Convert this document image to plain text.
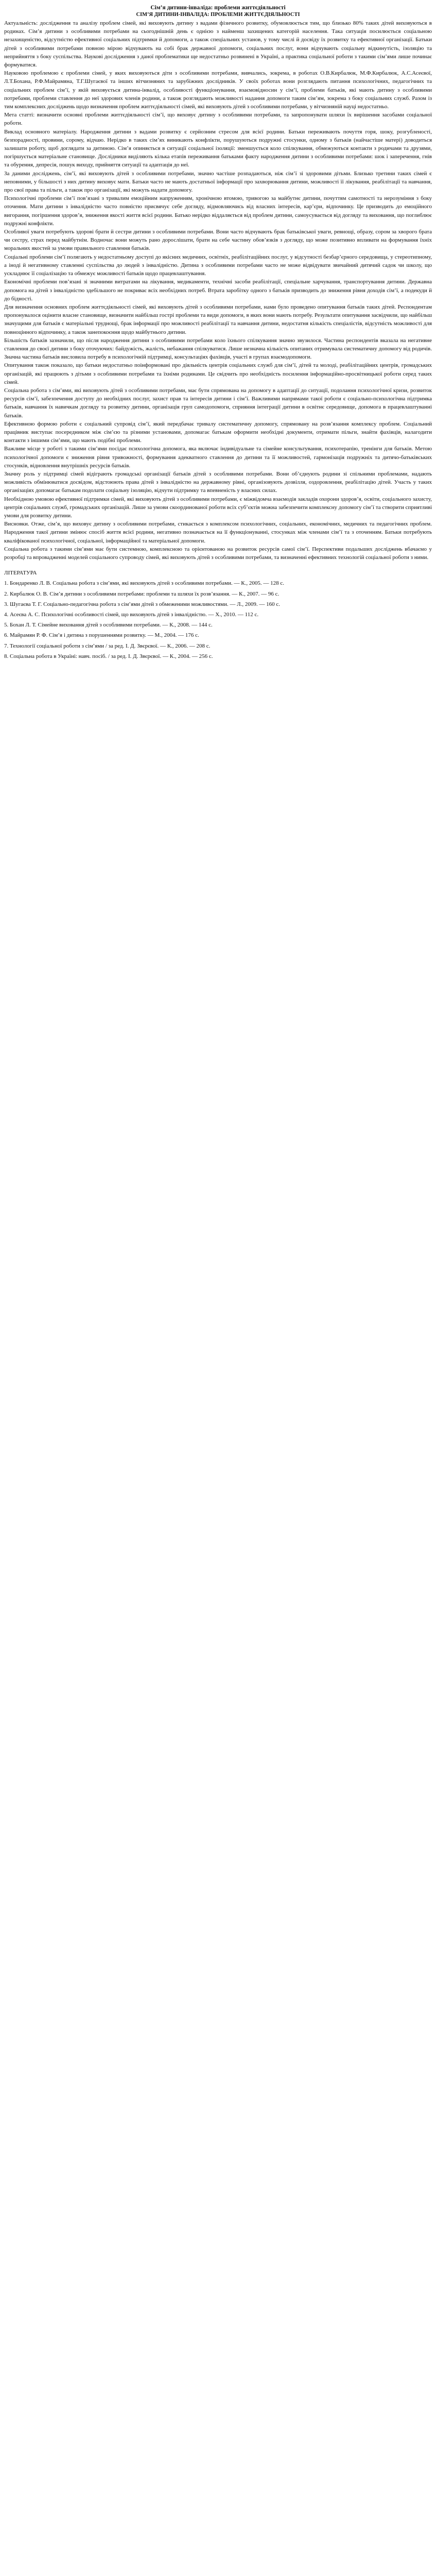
Сім’я дитини-інваліда: проблеми життєдіяльності
СІМ’Я ДИТИНИ-ІНВАЛІДА: ПРОБЛЕМИ ЖИТТЄДІЯЛЬНОСТІ

Актуальність: дослідження та аналізу проблем сімей, які виховують дитину з вадами фізичного розвитку, обумовлюється тим, що близько 80% таких дітей виховуються в родинах. Сім’я дитини з особливими потребами на сьогоднішній день є однією з найменш захищених категорій населення. Така ситуація посилюється соціальною незахищеністю, відсутністю ефективної соціальних підтримки й допомоги, а також спеціальних установ, у тому числі й досвіду їх розвитку та ефективної організації. Батьки дітей з особливими потребами повною мірою відчувають на собі брак державної допомоги, соціальних послуг, вони відчувають соціальну відкинутість, ізоляцію та неприйняття з боку суспільства. Наукові дослідження з даної проблематики ще недостатньо розвинені в Україні, а практика соціальної роботи з такими сім’ями лише починає формуватися.

Науковою проблемою є проблеми сімей, у яких виховуються діти з особливими потребами, вивчались, зокрема, в роботах О.В.Кирбалюк, М.Ф.Кирбалюк, А.С.Асеєвої, Л.Т.Бохана, Р.Ф.Майрамяна, Т.Г.Шугаєвої та інших вітчизняних та зарубіжних дослідників. У своїх роботах вони розглядають питання психологічних, педагогічних та соціальних проблем сім’ї, у якій виховується дитина-інвалід, особливості функціонування, взаємовідносин у сім’ї, проблеми батьків, які мають дитину з особливими потребами, проблеми ставлення до неї здорових членів родини, а також розглядають можливості надання допомоги таким сім’ям, зокрема з боку соціальних служб. Разом із тим комплексних досліджень щодо визначення проблем життєдіяльності сімей, які виховують дітей з особливими потребами, у вітчизняній науці недостатньо.

Мета статті: визначити основні проблеми життєдіяльності сім’ї, що виховує дитину з особливими потребами, та запропонувати шляхи їх вирішення засобами соціальної роботи.

Виклад основного матеріалу. Народження дитини з вадами розвитку є серйозним стресом для всієї родини. Батьки переживають почуття горя, шоку, розгубленості, безпорадності, провини, сорому, відчаю. Нерідко в таких сім’ях виникають конфлікти, порушуються подружні стосунки, одному з батьків (найчастіше матері) доводиться залишати роботу, щоб доглядати за дитиною. Сім’я опиняється в ситуації соціальної ізоляції: зменшується коло спілкування, обмежуються контакти з родичами та друзями, погіршується матеріальне становище. Дослідники виділяють кілька етапів переживання батьками факту народження дитини з особливими потребами: шок і заперечення, гнів та обурення, депресія, пошук виходу, прийняття ситуації та адаптація до неї.

За даними досліджень, сім’ї, які виховують дітей з особливими потребами, значно частіше розпадаються, ніж сім’ї зі здоровими дітьми. Близько третини таких сімей є неповними, у більшості з них дитину виховує мати. Батьки часто не мають достатньої інформації про захворювання дитини, можливості її лікування, реабілітації та навчання, про свої права та пільги, а також про організації, які можуть надати допомогу.

Психологічні проблеми сім’ї пов’язані з тривалим емоційним напруженням, хронічною втомою, тривогою за майбутнє дитини, почуттям самотності та нерозуміння з боку оточення. Мати дитини з інвалідністю часто повністю присвячує себе догляду, відмовляючись від власних інтересів, кар’єри, відпочинку. Це призводить до емоційного вигорання, погіршення здоров’я, зниження якості життя всієї родини. Батько нерідко віддаляється від проблем дитини, самоусувається від догляду та виховання, що поглиблює подружні конфлікти.

Особливої уваги потребують здорові брати й сестри дитини з особливими потребами. Вони часто відчувають брак батьківської уваги, ревнощі, образу, сором за хворого брата чи сестру, страх перед майбутнім. Водночас вони можуть рано дорослішати, брати на себе частину обов’язків з догляду, що може позитивно впливати на формування їхніх моральних якостей за умови правильного ставлення батьків.

Соціальні проблеми сім’ї полягають у недостатньому доступі до якісних медичних, освітніх, реабілітаційних послуг, у відсутності безбар’єрного середовища, у стереотипному, а іноді й негативному ставленні суспільства до людей з інвалідністю. Дитина з особливими потребами часто не може відвідувати звичайний дитячий садок чи школу, що ускладнює її соціалізацію та обмежує можливості батьків щодо працевлаштування.

Економічні проблеми пов’язані зі значними витратами на лікування, медикаменти, технічні засоби реабілітації, спеціальне харчування, транспортування дитини. Державна допомога на дітей з інвалідністю здебільшого не покриває всіх необхідних потреб. Втрата заробітку одного з батьків призводить до зниження рівня доходів сім’ї, а подекуди й до бідності.

Для визначення основних проблем життєдіяльності сімей, які виховують дітей з особливими потребами, нами було проведено опитування батьків таких дітей. Респондентам пропонувалося оцінити власне становище, визначити найбільш гострі проблеми та види допомоги, в яких вони мають потребу. Результати опитування засвідчили, що найбільш значущими для батьків є матеріальні труднощі, брак інформації про можливості реабілітації та навчання дитини, недостатня кількість спеціалістів, відсутність можливості для повноцінного відпочинку, а також занепокоєння щодо майбутнього дитини.

Більшість батьків зазначили, що після народження дитини з особливими потребами коло їхнього спілкування значно звузилося. Частина респондентів вказала на негативне ставлення до своєї дитини з боку оточуючих: байдужість, жалість, небажання спілкуватися. Лише незначна кількість опитаних отримувала систематичну допомогу від родичів. Значна частина батьків висловила потребу в психологічній підтримці, консультаціях фахівців, участі в групах взаємодопомоги.

Опитування також показало, що батьки недостатньо поінформовані про діяльність центрів соціальних служб для сім’ї, дітей та молоді, реабілітаційних центрів, громадських організацій, які працюють з дітьми з особливими потребами та їхніми родинами. Це свідчить про необхідність посилення інформаційно-просвітницької роботи серед таких сімей.

Соціальна робота з сім’ями, які виховують дітей з особливими потребами, має бути спрямована на допомогу в адаптації до ситуації, подолання психологічної кризи, розвиток ресурсів сім’ї, забезпечення доступу до необхідних послуг, захист прав та інтересів дитини і сім’ї. Важливими напрямами такої роботи є соціально-психологічна підтримка батьків, навчання їх навичкам догляду та розвитку дитини, організація груп самодопомоги, сприяння інтеграції дитини в освітнє середовище, допомога в працевлаштуванні батьків.

Ефективною формою роботи є соціальний супровід сім’ї, який передбачає тривалу систематичну допомогу, спрямовану на розв’язання комплексу проблем. Соціальний працівник виступає посередником між сім’єю та різними установами, допомагає батькам оформити необхідні документи, отримати пільги, знайти фахівців, налагодити контакти з іншими сім’ями, що мають подібні проблеми.

Важливе місце у роботі з такими сім’ями посідає психологічна допомога, яка включає індивідуальне та сімейне консультування, психотерапію, тренінги для батьків. Метою психологічної допомоги є зниження рівня тривожності, формування адекватного ставлення до дитини та її можливостей, гармонізація подружніх та дитячо-батьківських стосунків, відновлення внутрішніх ресурсів батьків.

Значну роль у підтримці сімей відіграють громадські організації батьків дітей з особливими потребами. Вони об’єднують родини зі спільними проблемами, надають можливість обмінюватися досвідом, відстоюють права дітей з інвалідністю на державному рівні, організовують дозвілля, оздоровлення, реабілітацію дітей. Участь у таких організаціях допомагає батькам подолати соціальну ізоляцію, відчути підтримку та впевненість у власних силах.

Необхідною умовою ефективної підтримки сімей, які виховують дітей з особливими потребами, є міжвідомча взаємодія закладів охорони здоров’я, освіти, соціального захисту, центрів соціальних служб, громадських організацій. Лише за умови скоординованої роботи всіх суб’єктів можна забезпечити комплексну допомогу сім’ї та створити сприятливі умови для розвитку дитини.

Висновки. Отже, сім’я, що виховує дитину з особливими потребами, стикається з комплексом психологічних, соціальних, економічних, медичних та педагогічних проблем. Народження такої дитини змінює спосіб життя всієї родини, негативно позначається на її функціонуванні, стосунках між членами сім’ї та з оточенням. Батьки потребують кваліфікованої психологічної, соціальної, інформаційної та матеріальної допомоги.

Соціальна робота з такими сім’ями має бути системною, комплексною та орієнтованою на розвиток ресурсів самої сім’ї. Перспективи подальших досліджень вбачаємо у розробці та впровадженні моделей соціального супроводу сімей, які виховують дітей з особливими потребами, та визначенні ефективних технологій соціальної роботи з ними.

ЛІТЕРАТУРА
1. Бондаренко Л. В. Соціальна робота з сім’ями, які виховують дітей з особливими потребами. — К., 2005. — 128 с.
2. Кирбалюк О. В. Сім’я дитини з особливими потребами: проблеми та шляхи їх розв’язання. — К., 2007. — 96 с.
3. Шугаєва Т. Г. Соціально-педагогічна робота з сім’ями дітей з обмеженими можливостями. — Л., 2009. — 160 с.
4. Асеєва А. С. Психологічні особливості сімей, що виховують дітей з інвалідністю. — Х., 2010. — 112 с.
5. Бохан Л. Т. Сімейне виховання дітей з особливими потребами. — К., 2008. — 144 с.
6. Майрамян Р. Ф. Сім’я і дитина з порушеннями розвитку. — М., 2004. — 176 с.
7. Технології соціальної роботи з сім’ями / за ред. І. Д. Звєрєвої. — К., 2006. — 208 с.
8. Соціальна робота в Україні: навч. посіб. / за ред. І. Д. Звєрєвої. — К., 2004. — 256 с.
